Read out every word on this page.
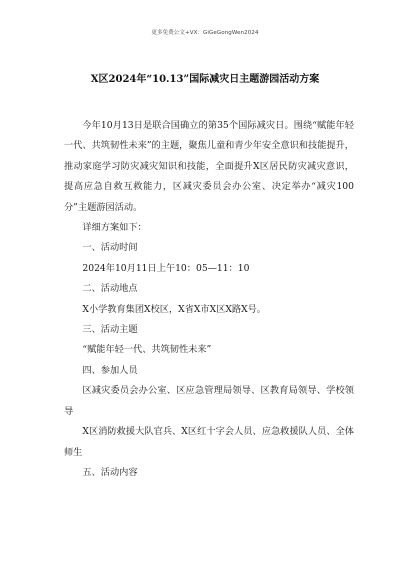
更多免费公文+VX：GiGeGongWen2024
X区2024年“10.13”国际减灾日主题游园活动方案

今年10月13日是联合国确立的第35个国际减灾日。围绕“赋能年轻一代、共筑韧性未来”的主题，聚焦儿童和青少年安全意识和技能提升，推动家庭学习防灾减灾知识和技能，全面提升X区居民防灾减灾意识，提高应急自救互救能力，区减灾委员会办公室、决定举办“减灾100分”主题游园活动。

详细方案如下：

一、活动时间

2024年10月11日上午10：05—11：10

二、活动地点

X小学教育集团X校区，X省X市X区X路X号。

三、活动主题

“赋能年轻一代、共筑韧性未来”

四、参加人员

区减灾委员会办公室、区应急管理局领导、区教育局领导、学校领导

X区消防救援大队官兵、X区红十字会人员、应急救援队人员、全体师生

五、活动内容
